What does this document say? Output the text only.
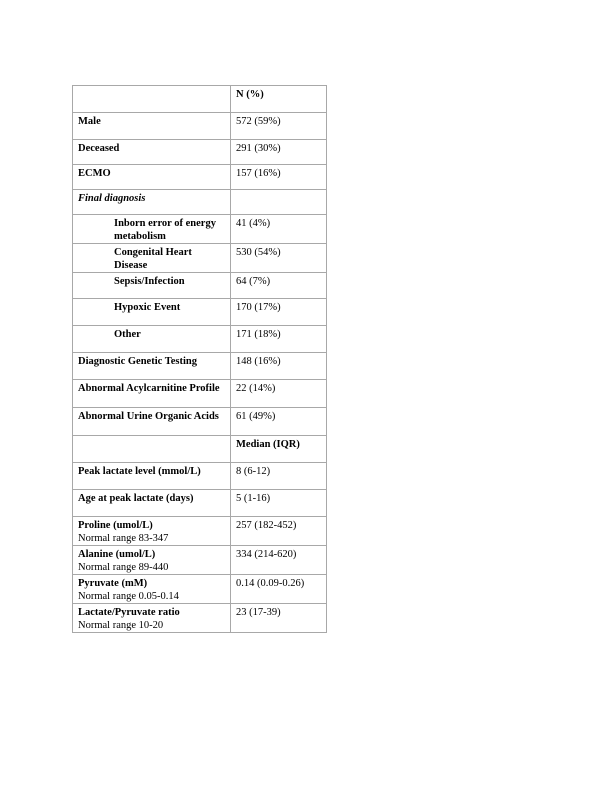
	N (%)
Male	572 (59%)
Deceased	291 (30%)
ECMO	157 (16%)
Final diagnosis	
Inborn error of energy metabolism	41 (4%)
Congenital Heart Disease	530 (54%)
Sepsis/Infection	64 (7%)
Hypoxic Event	170 (17%)
Other	171 (18%)
Diagnostic Genetic Testing	148 (16%)
Abnormal Acylcarnitine Profile	22 (14%)
Abnormal Urine Organic Acids	61 (49%)
	Median (IQR)
Peak lactate level (mmol/L)	8 (6-12)
Age at peak lactate (days)	5 (1-16)
Proline (umol/L)
Normal range 83-347	257 (182-452)
Alanine (umol/L)
Normal range 89-440	334 (214-620)
Pyruvate (mM)
Normal range 0.05-0.14	0.14 (0.09-0.26)
Lactate/Pyruvate ratio
Normal range 10-20	23 (17-39)
